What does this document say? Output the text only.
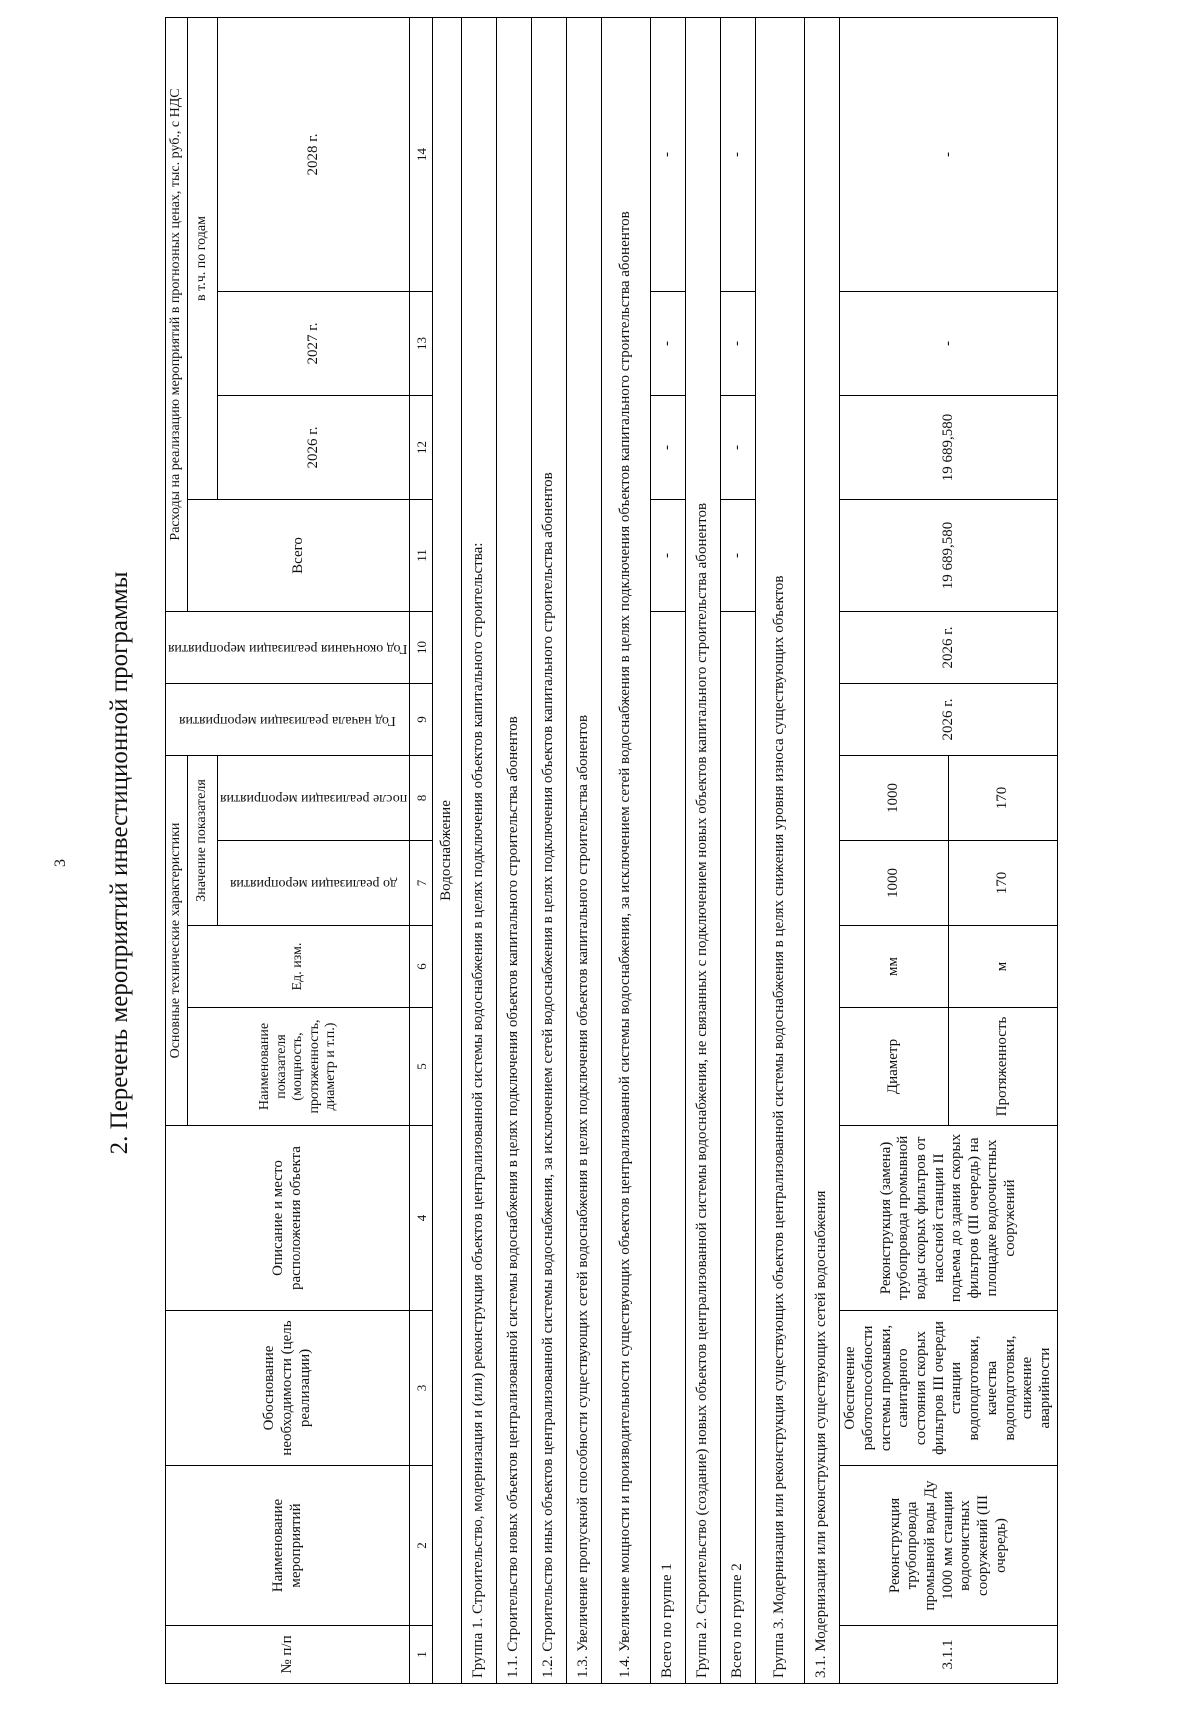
3 2. Перечень мероприятий инвестиционной программы
№ п/п	Наименование мероприятий	Обоснование необходимости (цель реализации)	Описание и место расположения объекта	Основные технические характеристики				Год начала реализации мероприятия	Год окончания реализации мероприятия	Расходы на реализацию мероприятий в прогнозных ценах, тыс. руб., с НДС			
				Наименование показателя (мощность, протяженность, диаметр и т.п.)	Ед. изм.	Значение показателя				Всего	в т.ч. по годам		

						до реализации мероприятия	после реализации мероприятия				2026 г.	2027 г.	2028 г.
1	2	3	4	5	6	7	8	9	10	11	12	13	14
Водоснабжение													
Группа 1. Строительство, модернизация и (или) реконструкция объектов централизованной системы водоснабжения в целях подключения объектов капитального строительства:													
1.1. Строительство новых объектов централизованной системы водоснабжения в целях подключения объектов капитального строительства абонентов													
1.2. Строительство иных объектов централизованной системы водоснабжения, за исключением сетей водоснабжения в целях подключения объектов капитального строительства абонентов													
1.3. Увеличение пропускной способности существующих сетей водоснабжения в целях подключения объектов капитального строительства абонентов													
1.4. Увеличение мощности и производительности существующих объектов централизованной системы водоснабжения, за исключением сетей водоснабжения в целях подключения объектов капитального строительства абонентов													
Всего по группе 1										-	-	-	-
Группа 2. Строительство (создание) новых объектов централизованной системы водоснабжения, не связанных с подключением новых объектов капитального строительства абонентов													
Всего по группе 2										-	-	-	-
Группа 3. Модернизация или реконструкция существующих объектов централизованной системы водоснабжения в целях снижения уровня износа существующих объектов													
3.1. Модернизация или реконструкция существующих сетей водоснабжения													
3.1.1	Реконструкция трубопровода промывной воды Ду 1000 мм станции водоочистных сооружений (III очередь)	Обеспечение работоспособности системы промывки, санитарного состояния скорых фильтров III очереди станции водоподготовки, качества водоподготовки, снижение аварийности	Реконструкция (замена) трубопровода промывной воды скорых фильтров от насосной станции II подъема до здания скорых фильтров (III очередь) на площадке водоочистных сооружений	Диаметр	мм	1000	1000	2026 г.	2026 г.	19 689,580	19 689,580	-	-
				Протяженность	м	170	170						
